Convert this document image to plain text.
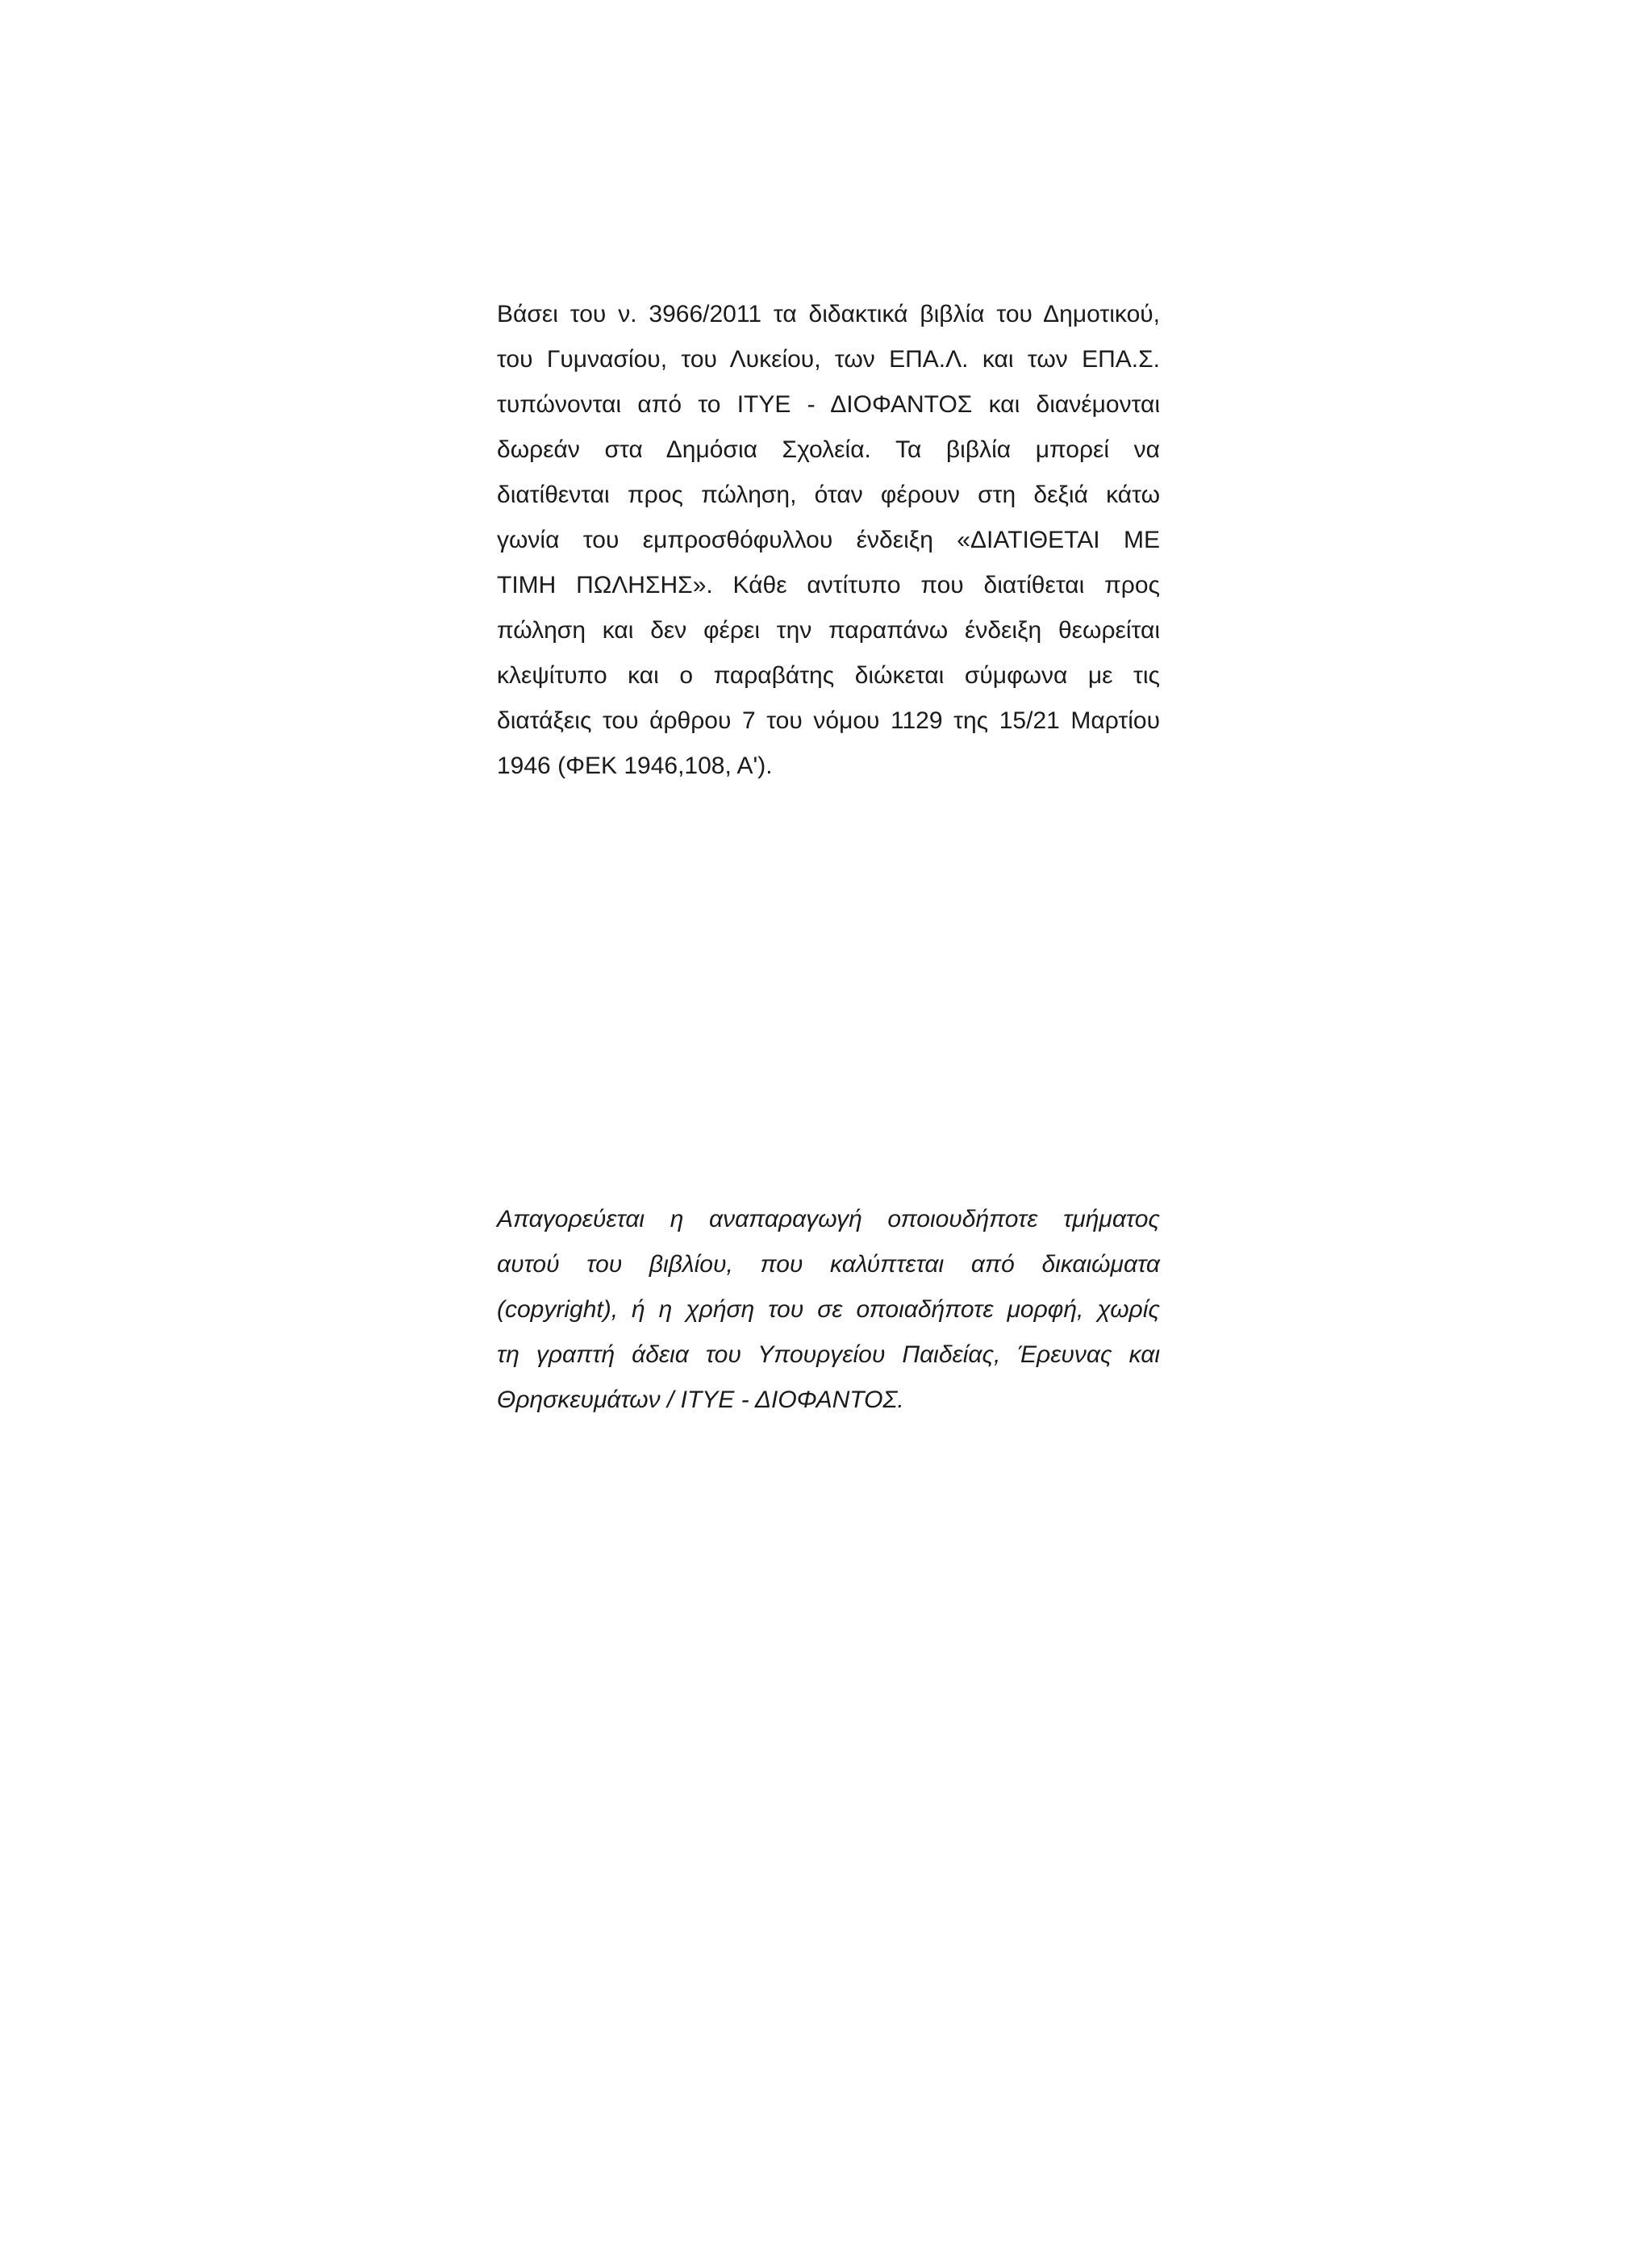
Βάσει του ν. 3966/2011 τα διδακτικά βιβλία του Δημοτικού,
του Γυμνασίου, του Λυκείου, των ΕΠΑ.Λ. και των ΕΠΑ.Σ.
τυπώνονται από το ΙΤΥΕ - ΔΙΟΦΑΝΤΟΣ και διανέμονται
δωρεάν στα Δημόσια Σχολεία. Τα βιβλία μπορεί να
διατίθενται προς πώληση, όταν φέρουν στη δεξιά κάτω
γωνία του εμπροσθόφυλλου ένδειξη «ΔΙΑΤΙΘΕΤΑΙ ΜΕ
ΤΙΜΗ ΠΩΛΗΣΗΣ». Κάθε αντίτυπο που διατίθεται προς
πώληση και δεν φέρει την παραπάνω ένδειξη θεωρείται
κλεψίτυπο και ο παραβάτης διώκεται σύμφωνα με τις
διατάξεις του άρθρου 7 του νόμου 1129 της 15/21 Μαρτίου
1946 (ΦΕΚ 1946,108, Α').
Απαγορεύεται η αναπαραγωγή οποιουδήποτε τμήματος
αυτού του βιβλίου, που καλύπτεται από δικαιώματα
(copyright), ή η χρήση του σε οποιαδήποτε μορφή, χωρίς
τη γραπτή άδεια του Υπουργείου Παιδείας, Έρευνας και
Θρησκευμάτων / ΙΤΥΕ - ΔΙΟΦΑΝΤΟΣ.
